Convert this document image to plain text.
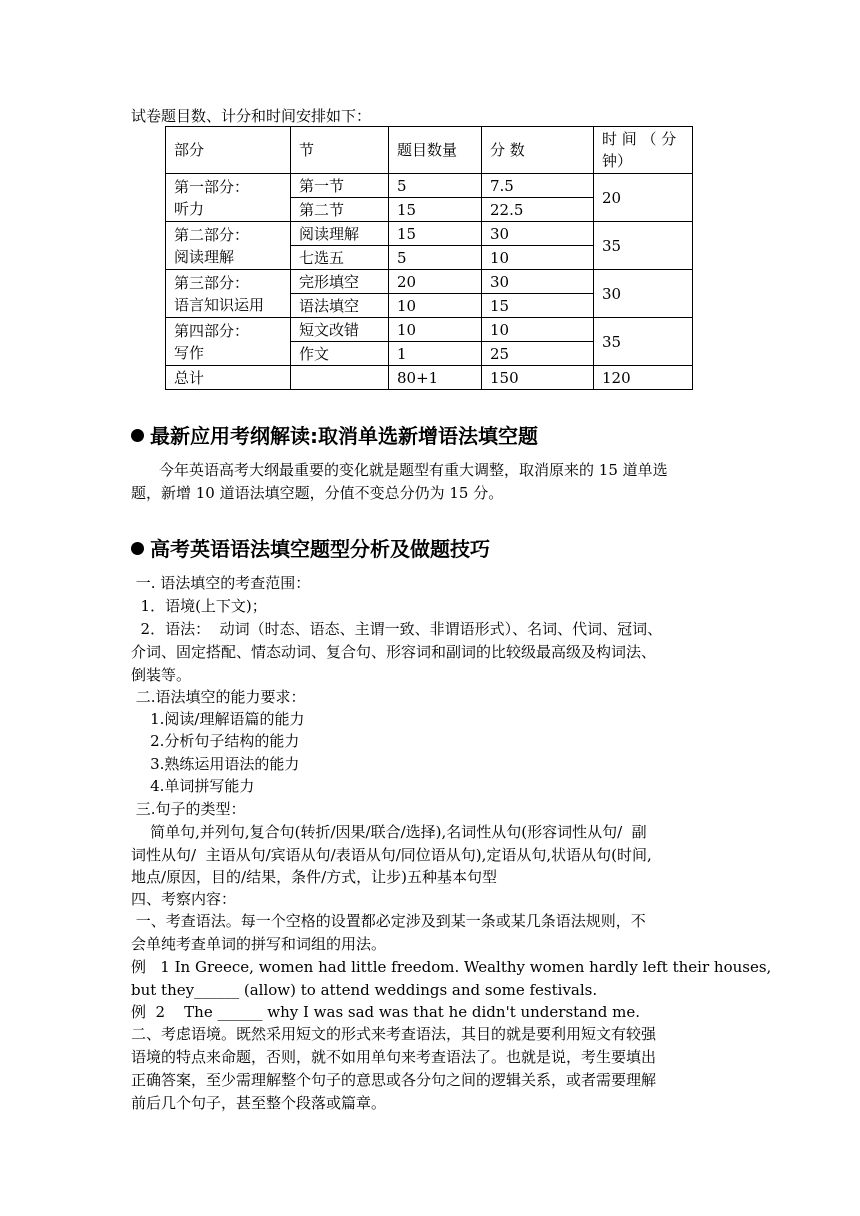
试卷题目数、计分和时间安排如下：
部分	节	题目数量	分 数	时 间 （ 分钟）
第一部分：
听力	第一节	5	7.5	20
	第二节	15	22.5	
第二部分：
阅读理解	阅读理解	15	30	35
	七选五	5	10	
第三部分：
语言知识运用	完形填空	20	30	30
	语法填空	10	15	
第四部分：
写作	短文改错	10	10	35
	作文	1	25	
总计		80+1	150	120
最新应用考纲解读:取消单选新增语法填空题
今年英语高考大纲最重要的变化就是题型有重大调整，取消原来的 15 道单选
题，新增 10 道语法填空题，分值不变总分仍为 15 分。
高考英语语法填空题型分析及做题技巧
一. 语法填空的考查范围：
1．语境(上下文)；
2．语法：  动词（时态、语态、主谓一致、非谓语形式）、名词、代词、冠词、
介词、固定搭配、情态动词、复合句、形容词和副词的比较级最高级及构词法、
倒装等。
二.语法填空的能力要求：
1.阅读/理解语篇的能力
2.分析句子结构的能力
3.熟练运用语法的能力
4.单词拼写能力
三.句子的类型：
简单句,并列句,复合句(转折/因果/联合/选择),名词性从句(形容词性从句/  副
词性从句/  主语从句/宾语从句/表语从句/同位语从句),定语从句,状语从句(时间,
地点/原因，目的/结果，条件/方式，让步)五种基本句型
四、考察内容：
一、考查语法。每一个空格的设置都必定涉及到某一条或某几条语法规则，不
会单纯考查单词的拼写和词组的用法。
例   1 In Greece, women had little freedom. Wealthy women hardly left their houses,
but they______ (allow) to attend weddings and some festivals.
例  2    The ______ why I was sad was that he didn't understand me.
二、考虑语境。既然采用短文的形式来考查语法，其目的就是要利用短文有较强
语境的特点来命题，否则，就不如用单句来考查语法了。也就是说，考生要填出
正确答案，至少需理解整个句子的意思或各分句之间的逻辑关系，或者需要理解
前后几个句子，甚至整个段落或篇章。
